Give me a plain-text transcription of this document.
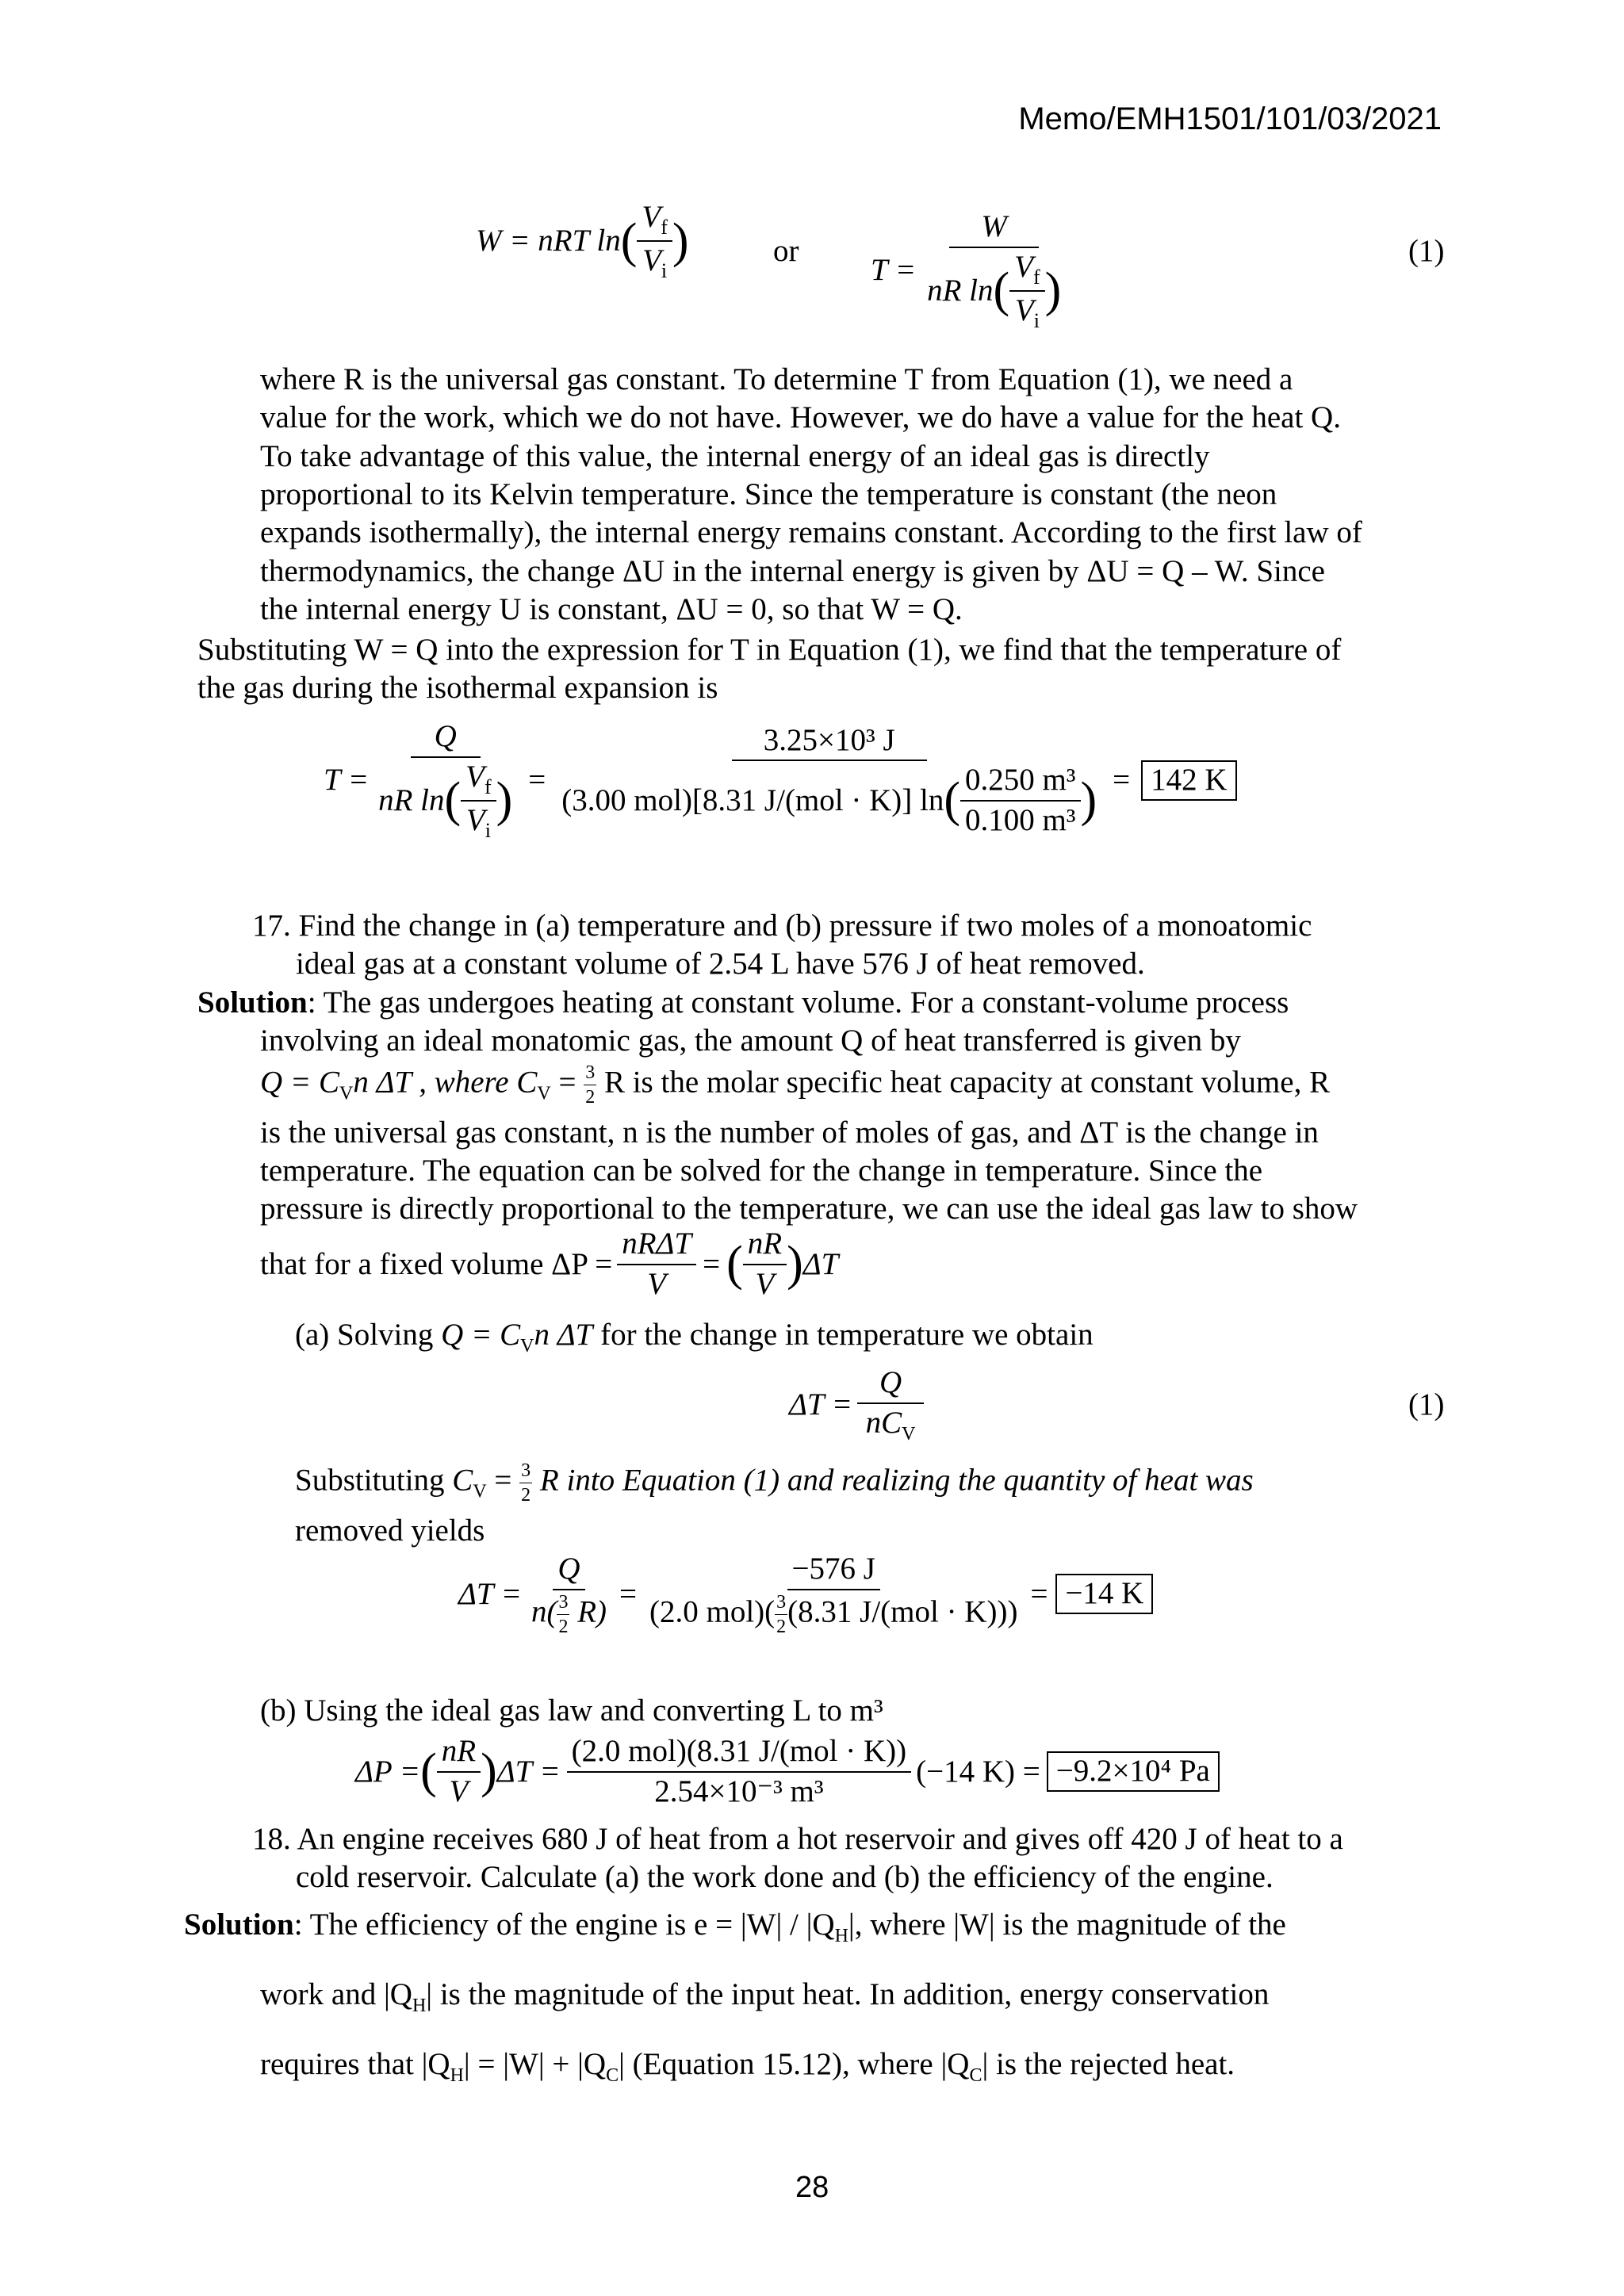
Memo/EMH1501/101/03/2021
W = nRT ln ( $\frac{V_f}{V_i}$ )	or
T =
W
nR ln ( $\frac{V_f}{V_i}$ )
(1)
where R is the universal gas constant. To determine T from Equation (1), we need a
value for the work, which we do not have. However, we do have a value for the heat Q.
To take advantage of this value, the internal energy of an ideal gas is directly
proportional to its Kelvin temperature. Since the temperature is constant (the neon
expands isothermally), the internal energy remains constant. According to the first law of
thermodynamics, the change ΔU in the internal energy is given by ΔU = Q – W. Since
the internal energy U is constant, ΔU = 0, so that W = Q.
Substituting W = Q into the expression for T in Equation (1), we find that the temperature of
the gas during the isothermal expansion is
T =
Q
nR ln ( $\frac{V_f}{V_i}$ ) =
3.25×10³ J
(3.00 mol)[8.31 J/(mol · K)] ln ( $\frac{\text{0.250 m³}}{\text{0.100 m³}}$ ) = 142 K
17. Find the change in (a) temperature and (b) pressure if two moles of a monoatomic
ideal gas at a constant volume of 2.54 L have 576 J of heat removed.
Solution: The gas undergoes heating at constant volume. For a constant-volume process
involving an ideal monatomic gas, the amount Q of heat transferred is given by
$Q = C_Vn$ ΔT , where $C_V = \frac{3}{2}$ R is the molar specific heat capacity at constant volume, R
is the universal gas constant, n is the number of moles of gas, and ΔT is the change in
temperature. The equation can be solved for the change in temperature. Since the
pressure is directly proportional to the temperature, we can use the ideal gas law to show
that for a fixed volume $\Delta P = \frac{\text{nRΔT}}{V}$ = ( $\frac{nR}{V}$ ) ΔT
(a) Solving $Q = C_Vn$ ΔT for the change in temperature we obtain
$\Delta T = \frac{Q}{nC_V}$	(1)
Substituting $C_V = \frac{3}{2}$ R into Equation (1) and realizing the quantity of heat was
removed yields
$\Delta T = \frac{Q}{n( \frac{3}{2} R)} = \frac{-576 J}{(2.0 mol)( \frac{3}{2} (8.31 J/(mol \cdot K)))} = -14$ K
(b) Using the ideal gas law and converting L to m³
ΔP = ( $\frac{nR}{V}$ ) $\Delta T = \frac{\text{(2.0 mol)(8.31 J/(mol · K))}}{\text{2.54×10⁻³ m³}} (-14$ K) = −9.2×10⁴ Pa
18. An engine receives 680 J of heat from a hot reservoir and gives off 420 J of heat to a
cold reservoir. Calculate (a) the work done and (b) the efficiency of the engine.
Solution: The efficiency of the engine is $e = |W| / |Q_H|$, where |W| is the magnitude of the
work and $|Q_H|$ is the magnitude of the input heat. In addition, energy conservation
requires that $|Q_H| = |W| + |Q_C|$ (Equation 15.12), where $|Q_C|$ is the rejected heat.
28
